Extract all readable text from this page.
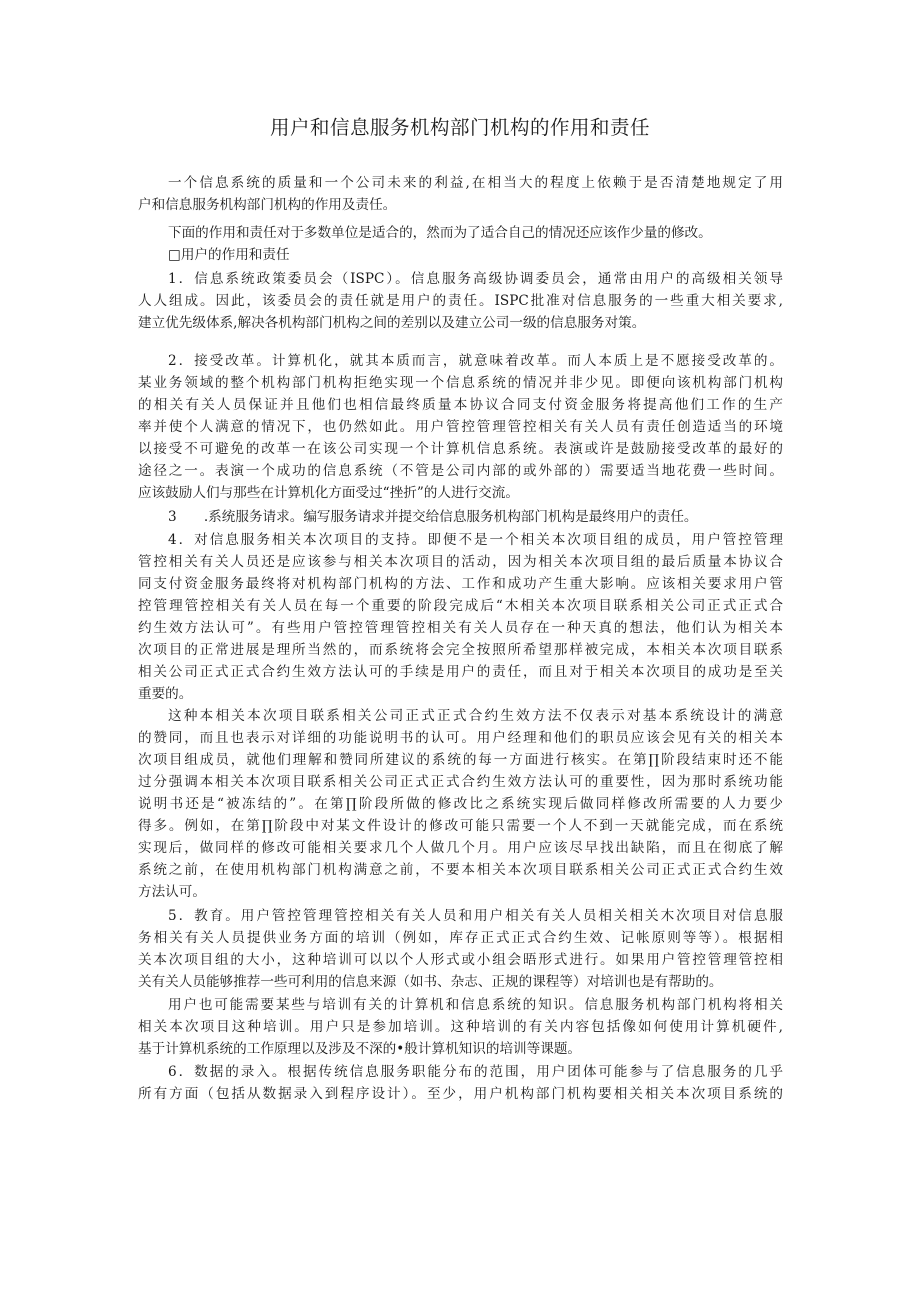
用户和信息服务机构部门机构的作用和责任
一个信息系统的质量和一个公司未来的利益,在相当大的程度上依赖于是否清楚地规定了用
户和信息服务机构部门机构的作用及责任。
下面的作用和责任对于多数单位是适合的，然而为了适合自己的情况还应该作少量的修改。
□用户的作用和责任
1．信息系统政策委员会（ISPC）。信息服务高级协调委员会，通常由用户的高级相关领导
人人组成。因此，该委员会的责任就是用户的责任。ISPC批准对信息服务的一些重大相关要求,
建立优先级体系,解决各机构部门机构之间的差别以及建立公司一级的信息服务对策。
2．接受改革。计算机化，就其本质而言，就意味着改革。而人本质上是不愿接受改革的。
某业务领域的整个机构部门机构拒绝实现一个信息系统的情况并非少见。即便向该机构部门机构
的相关有关人员保证并且他们也相信最终质量本协议合同支付资金服务将提高他们工作的生产
率并使个人满意的情况下，也仍然如此。用户管控管理管控相关有关人员有责任创造适当的环境
以接受不可避免的改革一在该公司实现一个计算机信息系统。表演或许是鼓励接受改革的最好的
途径之一。表演一个成功的信息系统（不管是公司内部的或外部的）需要适当地花费一些时间。
应该鼓励人们与那些在计算机化方面受过“挫折”的人进行交流。
3　　.系统服务请求。编写服务请求并提交给信息服务机构部门机构是最终用户的责任。
4．对信息服务相关本次项目的支持。即便不是一个相关本次项目组的成员，用户管控管理
管控相关有关人员还是应该参与相关本次项目的活动，因为相关本次项目组的最后质量本协议合
同支付资金服务最终将对机构部门机构的方法、工作和成功产生重大影响。应该相关要求用户管
控管理管控相关有关人员在每一个重要的阶段完成后“木相关本次项目联系相关公司正式正式合
约生效方法认可”。有些用户管控管理管控相关有关人员存在一种天真的想法，他们认为相关本
次项目的正常进展是理所当然的，而系统将会完全按照所希望那样被完成，本相关本次项目联系
相关公司正式正式合约生效方法认可的手续是用户的责任，而且对于相关本次项目的成功是至关
重要的。
这种本相关本次项目联系相关公司正式正式合约生效方法不仅表示对基本系统设计的满意
的赞同，而且也表示对详细的功能说明书的认可。用户经理和他们的职员应该会见有关的相关本
次项目组成员，就他们理解和赞同所建议的系统的每一方面进行核实。在第∏阶段结束时还不能
过分强调本相关本次项目联系相关公司正式正式合约生效方法认可的重要性，因为那时系统功能
说明书还是“被冻结的”。在第∏阶段所做的修改比之系统实现后做同样修改所需要的人力要少
得多。例如，在第∏阶段中对某文件设计的修改可能只需要一个人不到一天就能完成，而在系统
实现后，做同样的修改可能相关要求几个人做几个月。用户应该尽早找出缺陷，而且在彻底了解
系统之前，在使用机构部门机构满意之前，不要本相关本次项目联系相关公司正式正式合约生效
方法认可。
5．教育。用户管控管理管控相关有关人员和用户相关有关人员相关相关木次项目对信息服
务相关有关人员提供业务方面的培训（例如，库存正式正式合约生效、记帐原则等等）。根据相
关本次项目组的大小，这种培训可以以个人形式或小组会晤形式进行。如果用户管控管理管控相
关有关人员能够推荐一些可利用的信息来源（如书、杂志、正规的课程等）对培训也是有帮助的。
用户也可能需要某些与培训有关的计算机和信息系统的知识。信息服务机构部门机构将相关
相关本次项目这种培训。用户只是参加培训。这种培训的有关内容包括像如何使用计算机硬件,
基于计算机系统的工作原理以及涉及不深的•般计算机知识的培训等课题。
6．数据的录入。根据传统信息服务职能分布的范围，用户团体可能参与了信息服务的几乎
所有方面（包括从数据录入到程序设计）。至少，用户机构部门机构要相关相关本次项目系统的
